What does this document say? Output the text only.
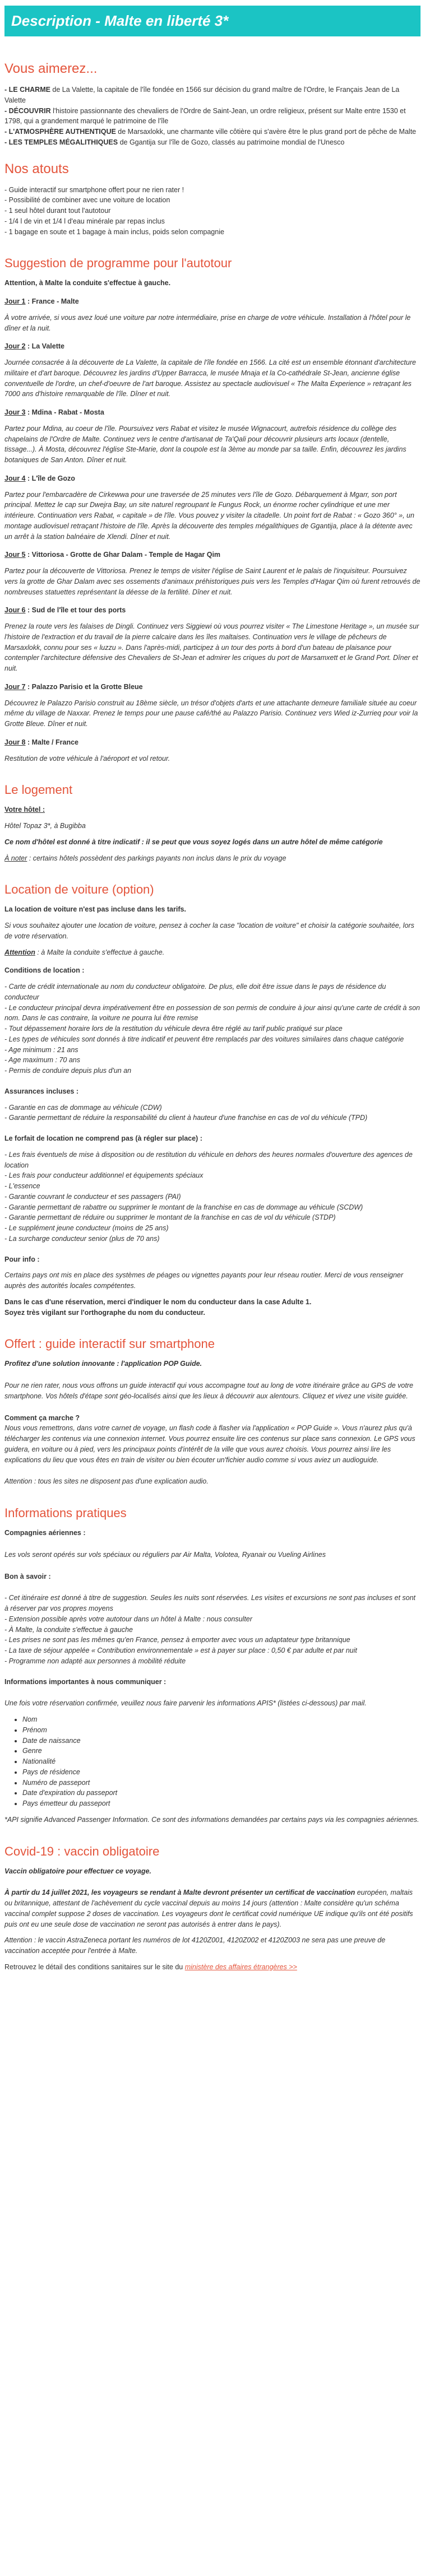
Description - Malte en liberté 3*
Vous aimerez...
- LE CHARME de La Valette, la capitale de l'île fondée en 1566 sur décision du grand maître de l'Ordre, le Français Jean de La Valette
- DÉCOUVRIR l'histoire passionnante des chevaliers de l'Ordre de Saint-Jean, un ordre religieux, présent sur Malte entre 1530 et 1798, qui a grandement marqué le patrimoine de l'île
- L'ATMOSPHÈRE AUTHENTIQUE de Marsaxlokk, une charmante ville côtière qui s'avère être le plus grand port de pêche de Malte
- LES TEMPLES MÉGALITHIQUES de Ggantija sur l'île de Gozo, classés au patrimoine mondial de l'Unesco
Nos atouts
- Guide interactif sur smartphone offert pour ne rien rater !
- Possibilité de combiner avec une voiture de location
- 1 seul hôtel durant tout l'autotour
- 1/4 l de vin et 1/4 l d'eau minérale par repas inclus
- 1 bagage en soute et 1 bagage à main inclus, poids selon compagnie
Suggestion de programme pour l'autotour

Attention, à Malte la conduite s'effectue à gauche.

Jour 1 : France - Malte

À votre arrivée, si vous avez loué une voiture par notre intermédiaire, prise en charge de votre véhicule. Installation à l'hôtel pour le dîner et la nuit.

Jour 2 : La Valette

Journée consacrée à la découverte de La Valette, la capitale de l'île fondée en 1566. La cité est un ensemble étonnant d'architecture militaire et d'art baroque. Découvrez les jardins d'Upper Barracca, le musée Mnaja et la Co-cathédrale St-Jean, ancienne église conventuelle de l'ordre, un chef-d'oeuvre de l'art baroque. Assistez au spectacle audiovisuel « The Malta Experience » retraçant les 7000 ans d'histoire remarquable de l'île. Dîner et nuit.

Jour 3 : Mdina - Rabat - Mosta

Partez pour Mdina, au coeur de l'île. Poursuivez vers Rabat et visitez le musée Wignacourt, autrefois résidence du collège des chapelains de l'Ordre de Malte. Continuez vers le centre d'artisanat de Ta'Qali pour découvrir plusieurs arts locaux (dentelle, tissage...). À Mosta, découvrez l'église Ste-Marie, dont la coupole est la 3ème au monde par sa taille. Enfin, découvrez les jardins botaniques de San Anton. Dîner et nuit.

Jour 4 : L'île de Gozo

Partez pour l'embarcadère de Cirkewwa pour une traversée de 25 minutes vers l'île de Gozo. Débarquement à Mgarr, son port principal. Mettez le cap sur Dwejra Bay, un site naturel regroupant le Fungus Rock, un énorme rocher cylindrique et une mer intérieure. Continuation vers Rabat, « capitale » de l'île. Vous pouvez y visiter la citadelle. Un point fort de Rabat : « Gozo 360° », un montage audiovisuel retraçant l'histoire de l'île. Après la découverte des temples mégalithiques de Ggantija, place à la détente avec un arrêt à la station balnéaire de Xlendi. Dîner et nuit.

Jour 5 : Vittoriosa - Grotte de Ghar Dalam - Temple de Hagar Qim

Partez pour la découverte de Vittoriosa. Prenez le temps de visiter l'église de Saint Laurent et le palais de l'inquisiteur. Poursuivez vers la grotte de Ghar Dalam avec ses ossements d'animaux préhistoriques puis vers les Temples d'Hagar Qim où furent retrouvés de nombreuses statuettes représentant la déesse de la fertilité. Dîner et nuit.

Jour 6 : Sud de l'île et tour des ports

Prenez la route vers les falaises de Dingli. Continuez vers Siggiewi où vous pourrez visiter « The Limestone Heritage », un musée sur l'histoire de l'extraction et du travail de la pierre calcaire dans les îles maltaises. Continuation vers le village de pêcheurs de Marsaxlokk, connu pour ses « luzzu ». Dans l'après-midi, participez à un tour des ports à bord d'un bateau de plaisance pour contempler l'architecture défensive des Chevaliers de St-Jean et admirer les criques du port de Marsamxett et le Grand Port. Dîner et nuit.

Jour 7 : Palazzo Parisio et la Grotte Bleue

Découvrez le Palazzo Parisio construit au 18ème siècle, un trésor d'objets d'arts et une attachante demeure familiale située au coeur même du village de Naxxar. Prenez le temps pour une pause café/thé au Palazzo Parisio. Continuez vers Wied iz-Zurrieq pour voir la Grotte Bleue. Dîner et nuit.

Jour 8 : Malte / France

Restitution de votre véhicule à l'aéroport et vol retour.

Le logement

Votre hôtel :

Hôtel Topaz 3*, à Bugibba

Ce nom d'hôtel est donné à titre indicatif : il se peut que vous soyez logés dans un autre hôtel de même catégorie

À noter : certains hôtels possèdent des parkings payants non inclus dans le prix du voyage

Location de voiture (option)

La location de voiture n'est pas incluse dans les tarifs.

Si vous souhaitez ajouter une location de voiture, pensez à cocher la case "location de voiture" et choisir la catégorie souhaitée, lors de votre réservation.

Attention : à Malte la conduite s'effectue à gauche.

Conditions de location :

- Carte de crédit internationale au nom du conducteur obligatoire. De plus, elle doit être issue dans le pays de résidence du conducteur
- Le conducteur principal devra impérativement être en possession de son permis de conduire à jour ainsi qu'une carte de crédit à son nom. Dans le cas contraire, la voiture ne pourra lui être remise
- Tout dépassement horaire lors de la restitution du véhicule devra être réglé au tarif public pratiqué sur place
- Les types de véhicules sont donnés à titre indicatif et peuvent être remplacés par des voitures similaires dans chaque catégorie
- Age minimum : 21 ans
- Age maximum : 70 ans
- Permis de conduire depuis plus d'un an

Assurances incluses :

- Garantie en cas de dommage au véhicule (CDW)
- Garantie permettant de réduire la responsabilité du client à hauteur d'une franchise en cas de vol du véhicule (TPD)

Le forfait de location ne comprend pas (à régler sur place) :

- Les frais éventuels de mise à disposition ou de restitution du véhicule en dehors des heures normales d'ouverture des agences de location
- Les frais pour conducteur additionnel et équipements spéciaux
- L'essence
- Garantie couvrant le conducteur et ses passagers (PAI)
- Garantie permettant de rabattre ou supprimer le montant de la franchise en cas de dommage au véhicule (SCDW)
- Garantie permettant de réduire ou supprimer le montant de la franchise en cas de vol du véhicule (STDP)
- Le supplément jeune conducteur (moins de 25 ans)
- La surcharge conducteur senior (plus de 70 ans)

Pour info :

Certains pays ont mis en place des systèmes de péages ou vignettes payants pour leur réseau routier. Merci de vous renseigner auprès des autorités locales compétentes.

Dans le cas d'une réservation, merci d'indiquer le nom du conducteur dans la case Adulte 1.
Soyez très vigilant sur l'orthographe du nom du conducteur.
Offert : guide interactif sur smartphone

Profitez d'une solution innovante : l'application POP Guide.

Pour ne rien rater, nous vous offrons un guide interactif qui vous accompagne tout au long de votre itinéraire grâce au GPS de votre smartphone. Vos hôtels d'étape sont géo-localisés ainsi que les lieux à découvrir aux alentours. Cliquez et vivez une visite guidée.

Comment ça marche ?

Nous vous remettrons, dans votre carnet de voyage, un flash code à flasher via l'application « POP Guide ». Vous n'aurez plus qu'à télécharger les contenus via une connexion internet. Vous pourrez ensuite lire ces contenus sur place sans connexion. Le GPS vous guidera, en voiture ou à pied, vers les principaux points d'intérêt de la ville que vous aurez choisis. Vous pourrez ainsi lire les explications du lieu que vous êtes en train de visiter ou bien écouter un'fichier audio comme si vous aviez un audioguide.

Attention : tous les sites ne disposent pas d'une explication audio.

Informations pratiques

Compagnies aériennes :

Les vols seront opérés sur vols spéciaux ou réguliers par Air Malta, Volotea, Ryanair ou Vueling Airlines

Bon à savoir :

- Cet itinéraire est donné à titre de suggestion. Seules les nuits sont réservées. Les visites et excursions ne sont pas incluses et sont à réserver par vos propres moyens
- Extension possible après votre autotour dans un hôtel à Malte : nous consulter
- À Malte, la conduite s'effectue à gauche
- Les prises ne sont pas les mêmes qu'en France, pensez à emporter avec vous un adaptateur type britannique
- La taxe de séjour appelée « Contribution environnementale » est à payer sur place : 0,50 € par adulte et par nuit
- Programme non adapté aux personnes à mobilité réduite

Informations importantes à nous communiquer :

Une fois votre réservation confirmée, veuillez nous faire parvenir les informations APIS* (listées ci-dessous) par mail.

• Nom
• Prénom
• Date de naissance
• Genre
• Nationalité
• Pays de résidence
• Numéro de passeport
• Date d'expiration du passeport
• Pays émetteur du passeport

*API signifie Advanced Passenger Information. Ce sont des informations demandées par certains pays via les compagnies aériennes.

Covid-19 : vaccin obligatoire

Vaccin obligatoire pour effectuer ce voyage.

À partir du 14 juillet 2021, les voyageurs se rendant à Malte devront présenter un certificat de vaccination européen, maltais ou britannique, attestant de l'achèvement du cycle vaccinal depuis au moins 14 jours (attention : Malte considère qu'un schéma vaccinal complet suppose 2 doses de vaccination. Les voyageurs dont le certificat covid numérique UE indique qu'ils ont été positifs puis ont eu une seule dose de vaccination ne seront pas autorisés à entrer dans le pays).

Attention : le vaccin AstraZeneca portant les numéros de lot 4120Z001, 4120Z002 et 4120Z003 ne sera pas une preuve de vaccination acceptée pour l'entrée à Malte.

Retrouvez le détail des conditions sanitaires sur le site du ministère des affaires étrangères >>
